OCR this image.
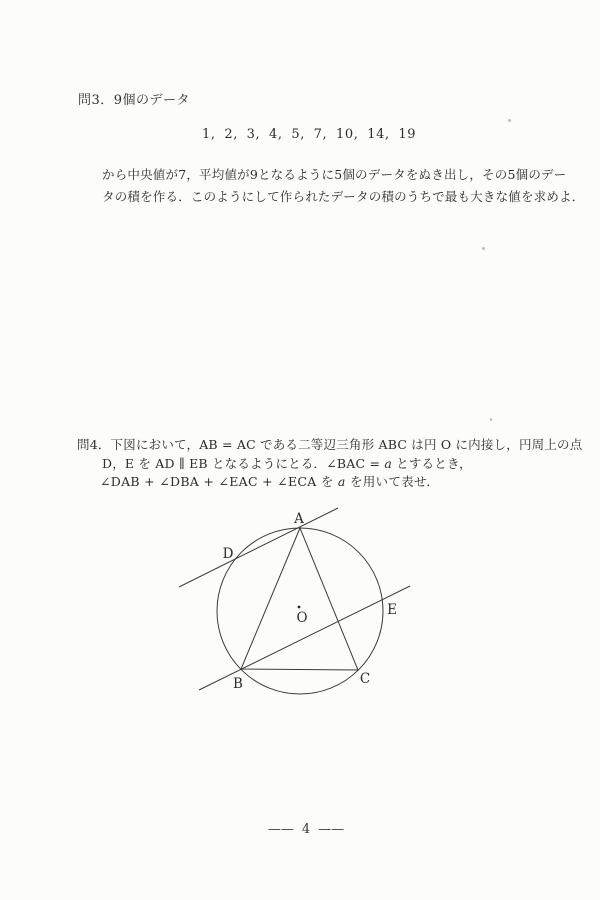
問3．9個のデータ
1, 2, 3, 4, 5, 7, 10, 14, 19
から中央値が7，平均値が9となるように5個のデータをぬき出し，その5個のデー
タの積を作る．このようにして作られたデータの積のうちで最も大きな値を求めよ．
問4．下図において，AB = AC である二等辺三角形 ABC は円 O に内接し，円周上の点
D，E を AD ∥ EB となるようにとる．∠BAC = a とするとき，
∠DAB + ∠DBA + ∠EAC + ∠ECA を a を用いて表せ．
A
D
B	C
E
O
—— 4 ——
